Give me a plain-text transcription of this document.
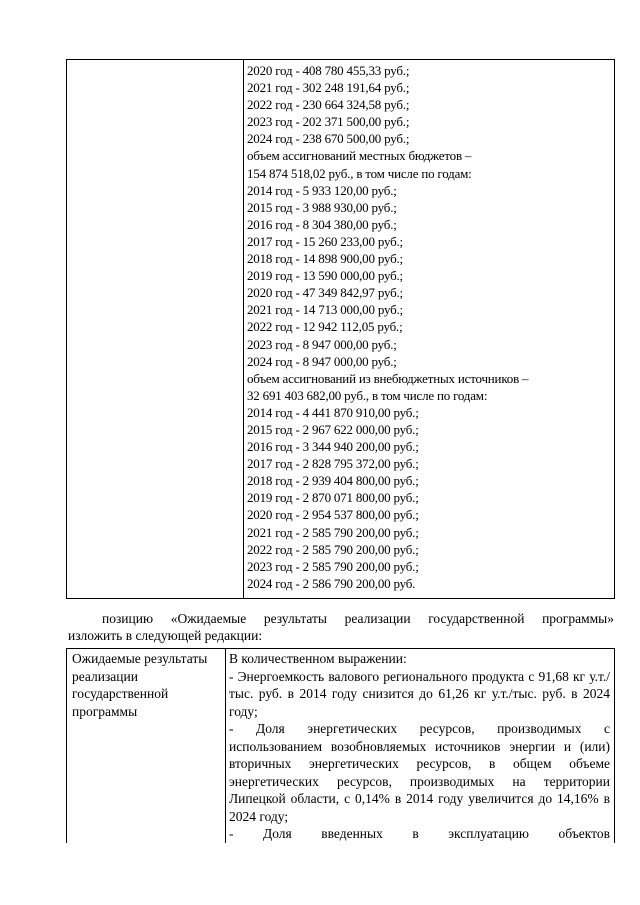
2020 год - 408 780 455,33 руб.;
2021 год - 302 248 191,64 руб.;
2022 год - 230 664 324,58 руб.;
2023 год - 202 371 500,00 руб.;
2024 год - 238 670 500,00 руб.;
объем ассигнований местных бюджетов –
154 874 518,02 руб., в том числе по годам:
2014 год - 5 933 120,00 руб.;
2015 год - 3 988 930,00 руб.;
2016 год - 8 304 380,00 руб.;
2017 год - 15 260 233,00 руб.;
2018 год - 14 898 900,00 руб.;
2019 год - 13 590 000,00 руб.;
2020 год - 47 349 842,97 руб.;
2021 год - 14 713 000,00 руб.;
2022 год - 12 942 112,05 руб.;
2023 год - 8 947 000,00 руб.;
2024 год - 8 947 000,00 руб.;
объем ассигнований из внебюджетных источников –
32 691 403 682,00 руб., в том числе по годам:
2014 год - 4 441 870 910,00 руб.;
2015 год - 2 967 622 000,00 руб.;
2016 год - 3 344 940 200,00 руб.;
2017 год - 2 828 795 372,00 руб.;
2018 год - 2 939 404 800,00 руб.;
2019 год - 2 870 071 800,00 руб.;
2020 год - 2 954 537 800,00 руб.;
2021 год - 2 585 790 200,00 руб.;
2022 год - 2 585 790 200,00 руб.;
2023 год - 2 585 790 200,00 руб.;
2024 год - 2 586 790 200,00 руб.
позицию «Ожидаемые результаты реализации государственной программы»
изложить в следующей редакции:
Ожидаемые результаты реализации государственной программы
В количественном выражении:
- Энергоемкость валового регионального продукта с 91,68 кг у.т./тыс. руб. в 2014 году снизится до 61,26 кг у.т./тыс. руб. в 2024 году;
- Доля энергетических ресурсов, производимых с использованием возобновляемых источников энергии и (или) вторичных энергетических ресурсов, в общем объеме энергетических ресурсов, производимых на территории Липецкой области, с 0,14% в 2014 году увеличится до 14,16% в 2024 году;
- Доля введенных в эксплуатацию объектов
